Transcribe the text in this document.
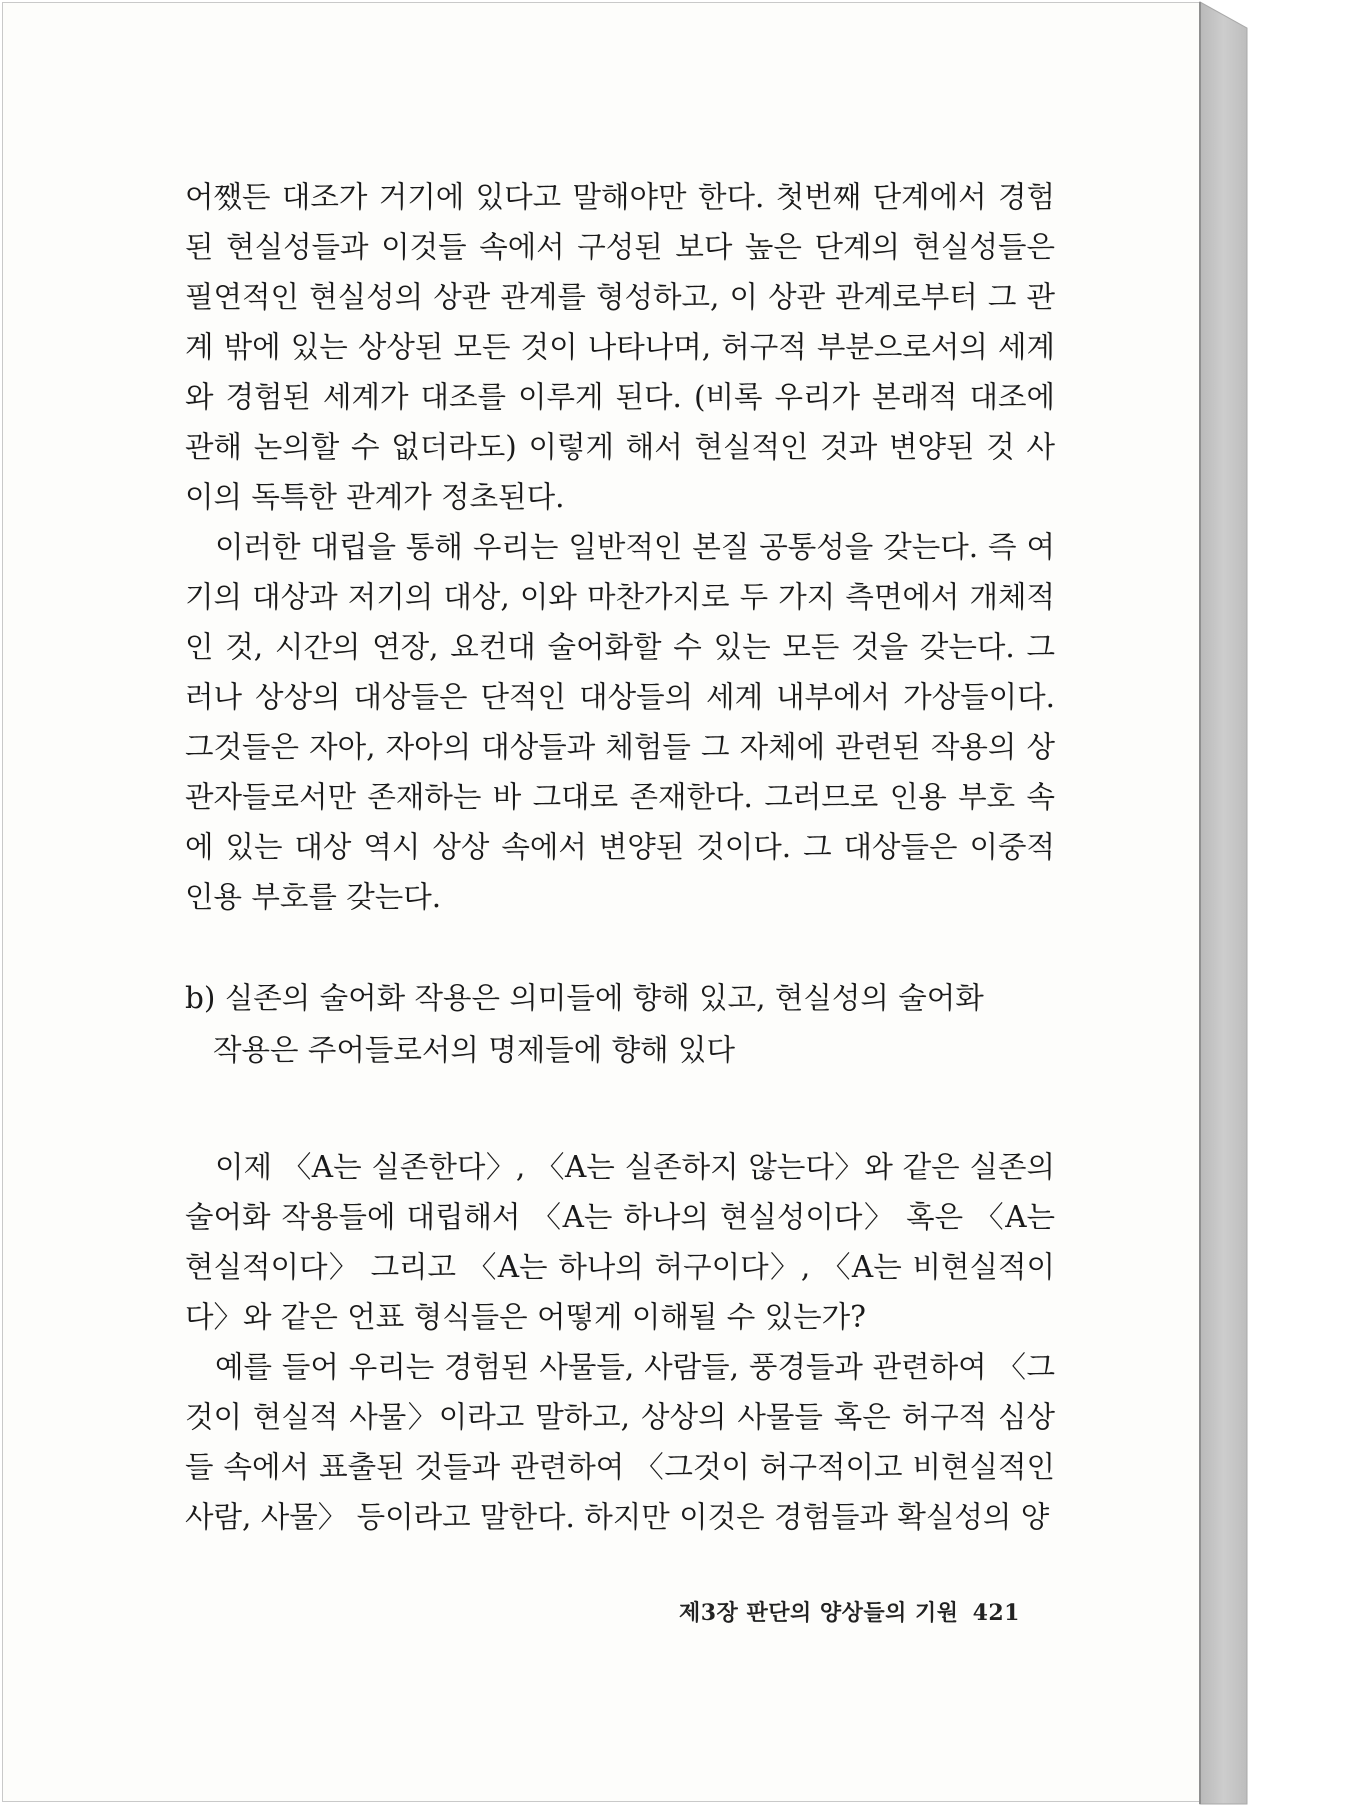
어쨌든 대조가 거기에 있다고 말해야만 한다. 첫번째 단계에서 경험된 현실성들과 이것들 속에서 구성된 보다 높은 단계의 현실성들은 필연적인 현실성의 상관 관계를 형성하고, 이 상관 관계로부터 그 관계 밖에 있는 상상된 모든 것이 나타나며, 허구적 부분으로서의 세계와 경험된 세계가 대조를 이루게 된다. (비록 우리가 본래적 대조에 관해 논의할 수 없더라도) 이렇게 해서 현실적인 것과 변양된 것 사이의 독특한 관계가 정초된다.

이러한 대립을 통해 우리는 일반적인 본질 공통성을 갖는다. 즉 여기의 대상과 저기의 대상, 이와 마찬가지로 두 가지 측면에서 개체적인 것, 시간의 연장, 요컨대 술어화할 수 있는 모든 것을 갖는다. 그러나 상상의 대상들은 단적인 대상들의 세계 내부에서 가상들이다. 그것들은 자아, 자아의 대상들과 체험들 그 자체에 관련된 작용의 상관자들로서만 존재하는 바 그대로 존재한다. 그러므로 인용 부호 속에 있는 대상 역시 상상 속에서 변양된 것이다. 그 대상들은 이중적 인용 부호를 갖는다.

b) 실존의 술어화 작용은 의미들에 향해 있고, 현실성의 술어화
작용은 주어들로서의 명제들에 향해 있다

이제 〈A는 실존한다〉, 〈A는 실존하지 않는다〉와 같은 실존의 술어화 작용들에 대립해서 〈A는 하나의 현실성이다〉 혹은 〈A는 현실적이다〉 그리고 〈A는 하나의 허구이다〉, 〈A는 비현실적이다〉와 같은 언표 형식들은 어떻게 이해될 수 있는가?

예를 들어 우리는 경험된 사물들, 사람들, 풍경들과 관련하여 〈그것이 현실적 사물〉이라고 말하고, 상상의 사물들 혹은 허구적 심상들 속에서 표출된 것들과 관련하여 〈그것이 허구적이고 비현실적인 사람, 사물〉 등이라고 말한다. 하지만 이것은 경험들과 확실성의 양

제3장 판단의 양상들의 기원 421
